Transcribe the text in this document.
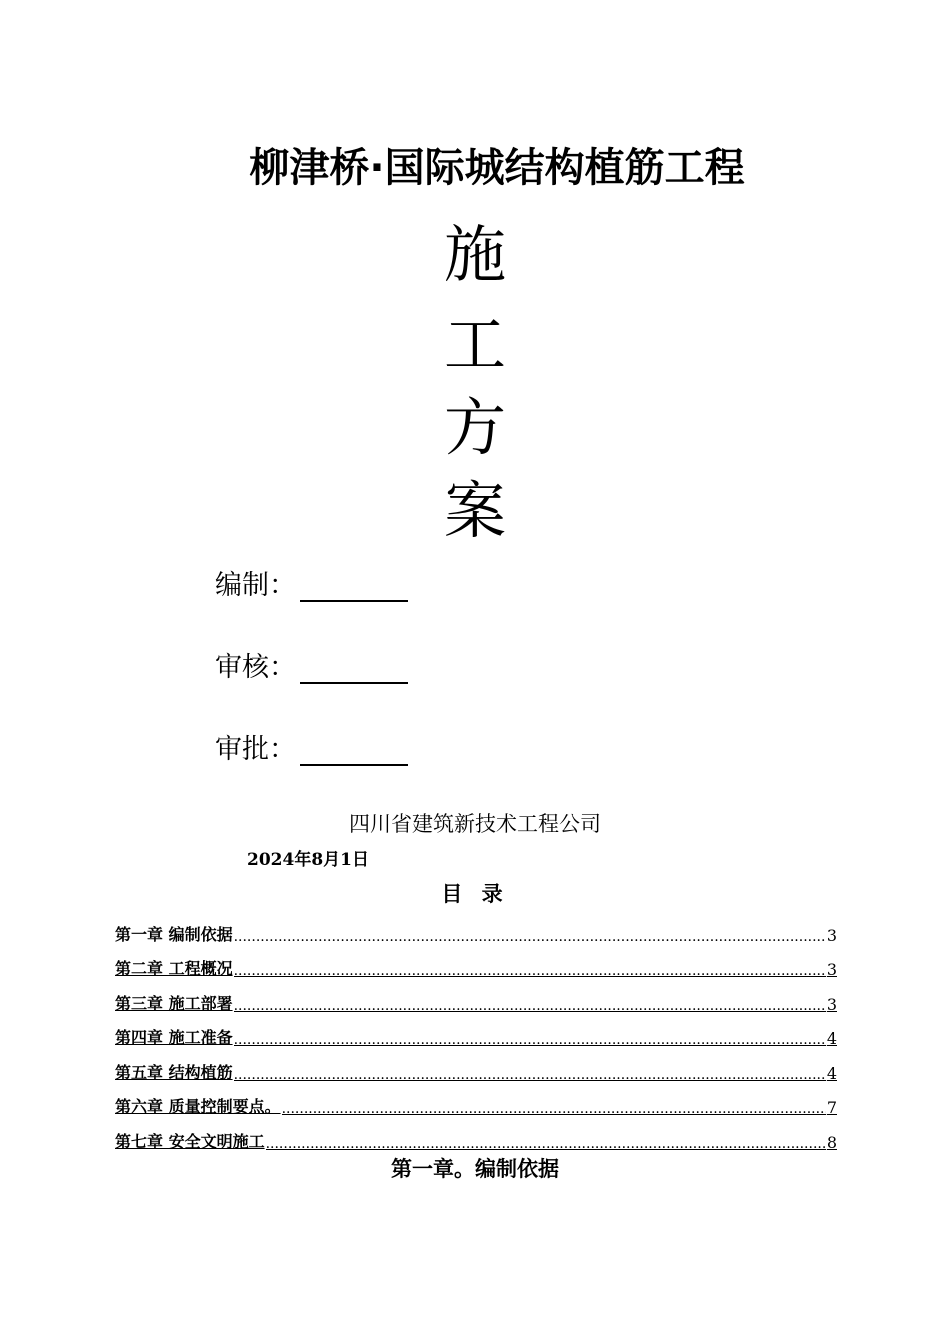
柳津桥·国际城结构植筋工程
施
工
方
案
编制：
审核：
审批：
四川省建筑新技术工程公司
2024年8月1日
目 录
第一章 编制依据 .....	3
第二章 工程概况 .....	3
第三章 施工部署 .....	3
第四章 施工准备 .....	4
第五章 结构植筋 .....	4
第六章 质量控制要点。 .....	7
第七章 安全文明施工 .....	8
第一章。编制依据
